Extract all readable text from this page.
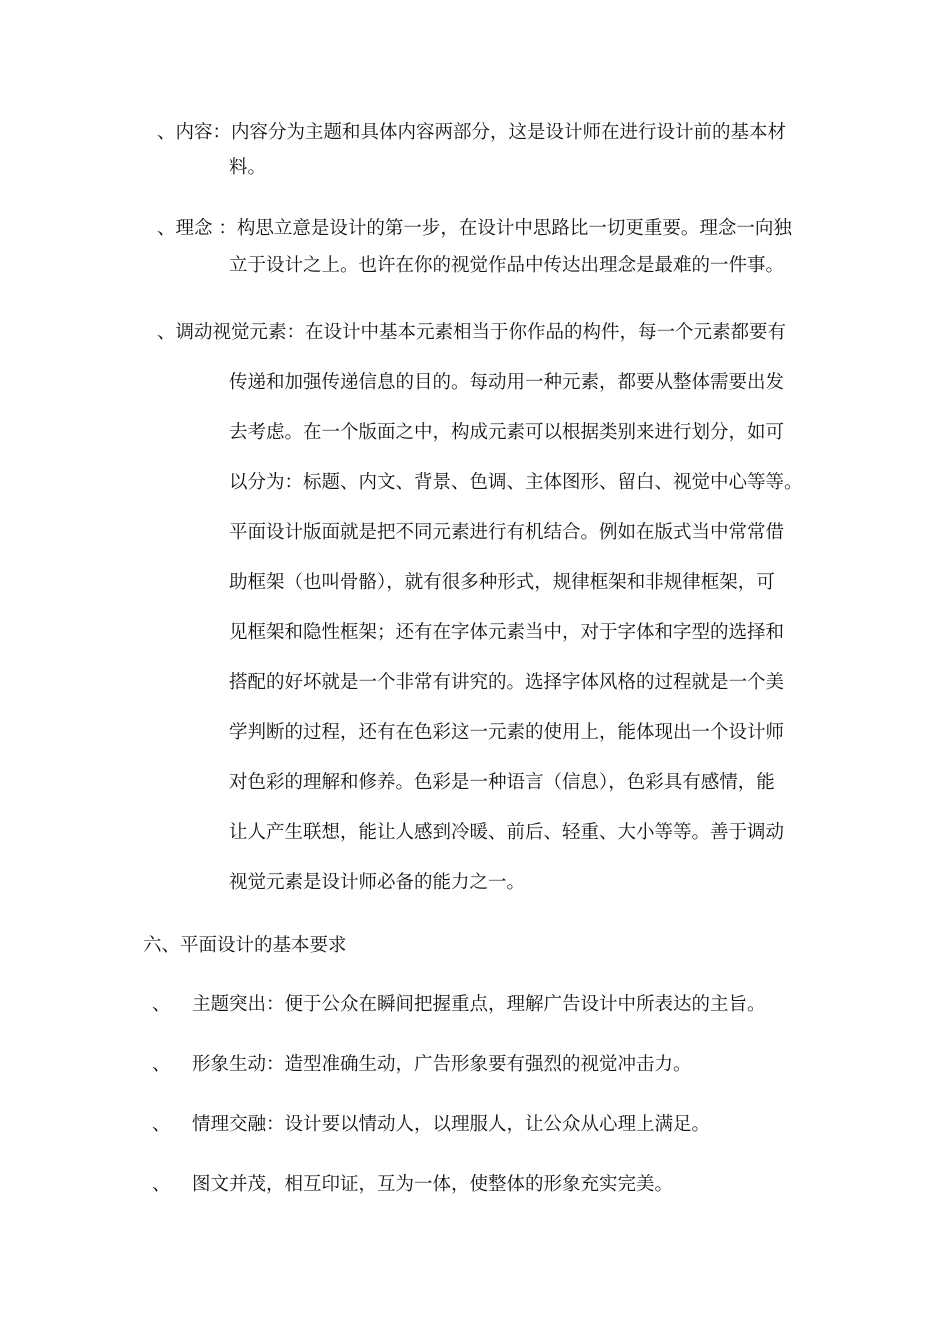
、内容：内容分为主题和具体内容两部分，这是设计师在进行设计前的基本材
料。
、理念 ：构思立意是设计的第一步，在设计中思路比一切更重要。理念一向独
立于设计之上。也许在你的视觉作品中传达出理念是最难的一件事。
、调动视觉元素：在设计中基本元素相当于你作品的构件，每一个元素都要有
传递和加强传递信息的目的。每动用一种元素，都要从整体需要出发
去考虑。在一个版面之中，构成元素可以根据类别来进行划分，如可
以分为：标题、内文、背景、色调、主体图形、留白、视觉中心等等。
平面设计版面就是把不同元素进行有机结合。例如在版式当中常常借
助框架（也叫骨骼），就有很多种形式，规律框架和非规律框架，可
见框架和隐性框架；还有在字体元素当中，对于字体和字型的选择和
搭配的好坏就是一个非常有讲究的。选择字体风格的过程就是一个美
学判断的过程，还有在色彩这一元素的使用上，能体现出一个设计师
对色彩的理解和修养。色彩是一种语言（信息），色彩具有感情，能
让人产生联想，能让人感到冷暖、前后、轻重、大小等等。善于调动
视觉元素是设计师必备的能力之一。
六、平面设计的基本要求
、 主题突出：便于公众在瞬间把握重点，理解广告设计中所表达的主旨。
、 形象生动：造型准确生动，广告形象要有强烈的视觉冲击力。
、 情理交融：设计要以情动人，以理服人，让公众从心理上满足。
、 图文并茂，相互印证，互为一体，使整体的形象充实完美。
